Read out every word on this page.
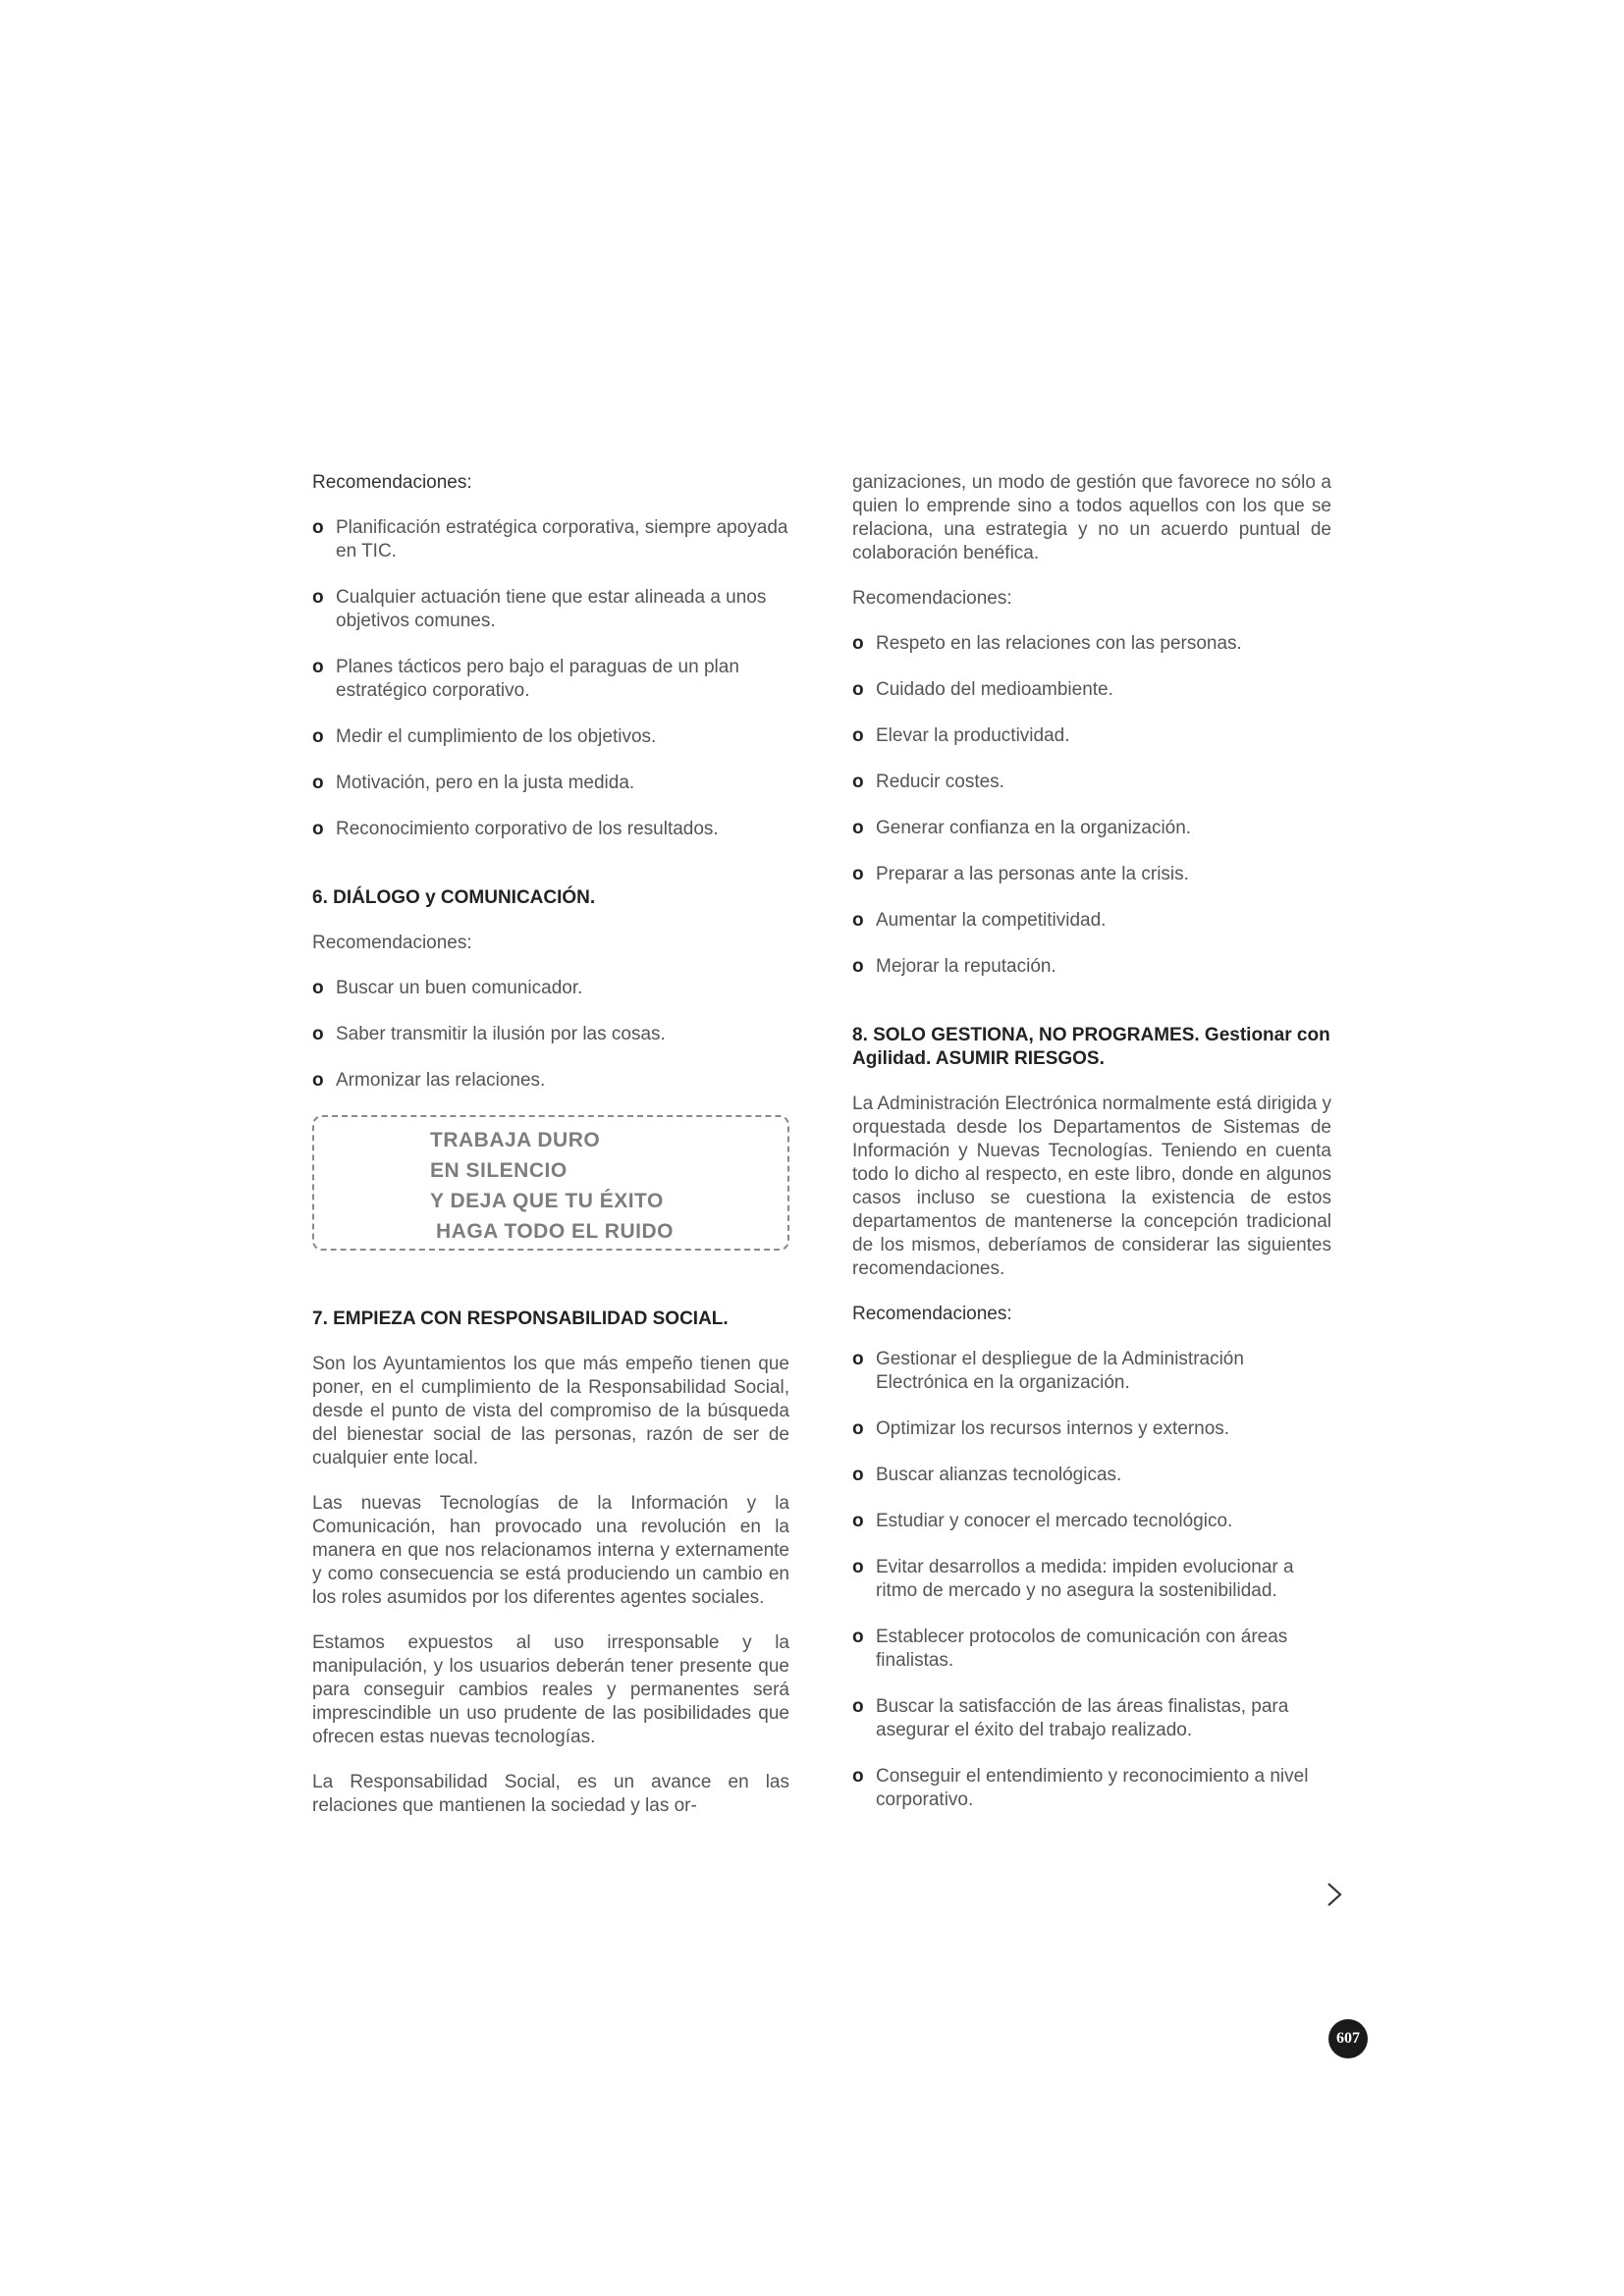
Recomendaciones:

o Planificación estratégica corporativa, siempre apoyada en TIC.
o Cualquier actuación tiene que estar alineada a unos objetivos comunes.
o Planes tácticos pero bajo el paraguas de un plan estratégico corporativo.
o Medir el cumplimiento de los objetivos.
o Motivación, pero en la justa medida.
o Reconocimiento corporativo de los resultados.
6. DIÁLOGO y COMUNICACIÓN.

Recomendaciones:

o Buscar un buen comunicador.
o Saber transmitir la ilusión por las cosas.
o Armonizar las relaciones.
TRABAJA DURO
EN SILENCIO
Y DEJA QUE TU ÉXITO
HAGA TODO EL RUIDO
7. EMPIEZA CON RESPONSABILIDAD SOCIAL.

Son los Ayuntamientos los que más empeño tienen que poner, en el cumplimiento de la Responsabilidad Social, desde el punto de vista del compromiso de la búsqueda del bienestar social de las personas, razón de ser de cualquier ente local.

Las nuevas Tecnologías de la Información y la Comunicación, han provocado una revolución en la manera en que nos relacionamos interna y externamente y como consecuencia se está produciendo un cambio en los roles asumidos por los diferentes agentes sociales.

Estamos expuestos al uso irresponsable y la manipulación, y los usuarios deberán tener presente que para conseguir cambios reales y permanentes será imprescindible un uso prudente de las posibilidades que ofrecen estas nuevas tecnologías.

La Responsabilidad Social, es un avance en las relaciones que mantienen la sociedad y las or-

ganizaciones, un modo de gestión que favorece no sólo a quien lo emprende sino a todos aquellos con los que se relaciona, una estrategia y no un acuerdo puntual de colaboración benéfica.

Recomendaciones:

o Respeto en las relaciones con las personas.
o Cuidado del medioambiente.
o Elevar la productividad.
o Reducir costes.
o Generar confianza en la organización.
o Preparar a las personas ante la crisis.
o Aumentar la competitividad.
o Mejorar la reputación.
8. SOLO GESTIONA, NO PROGRAMES. Gestionar con Agilidad. ASUMIR RIESGOS.

La Administración Electrónica normalmente está dirigida y orquestada desde los Departamentos de Sistemas de Información y Nuevas Tecnologías. Teniendo en cuenta todo lo dicho al respecto, en este libro, donde en algunos casos incluso se cuestiona la existencia de estos departamentos de mantenerse la concepción tradicional de los mismos, deberíamos de considerar las siguientes recomendaciones.

Recomendaciones:

o Gestionar el despliegue de la Administración Electrónica en la organización.
o Optimizar los recursos internos y externos.
o Buscar alianzas tecnológicas.
o Estudiar y conocer el mercado tecnológico.
o Evitar desarrollos a medida: impiden evolucionar a ritmo de mercado y no asegura la sostenibilidad.
o Establecer protocolos de comunicación con áreas finalistas.
o Buscar la satisfacción de las áreas finalistas, para asegurar el éxito del trabajo realizado.
o Conseguir el entendimiento y reconocimiento a nivel corporativo.
607
